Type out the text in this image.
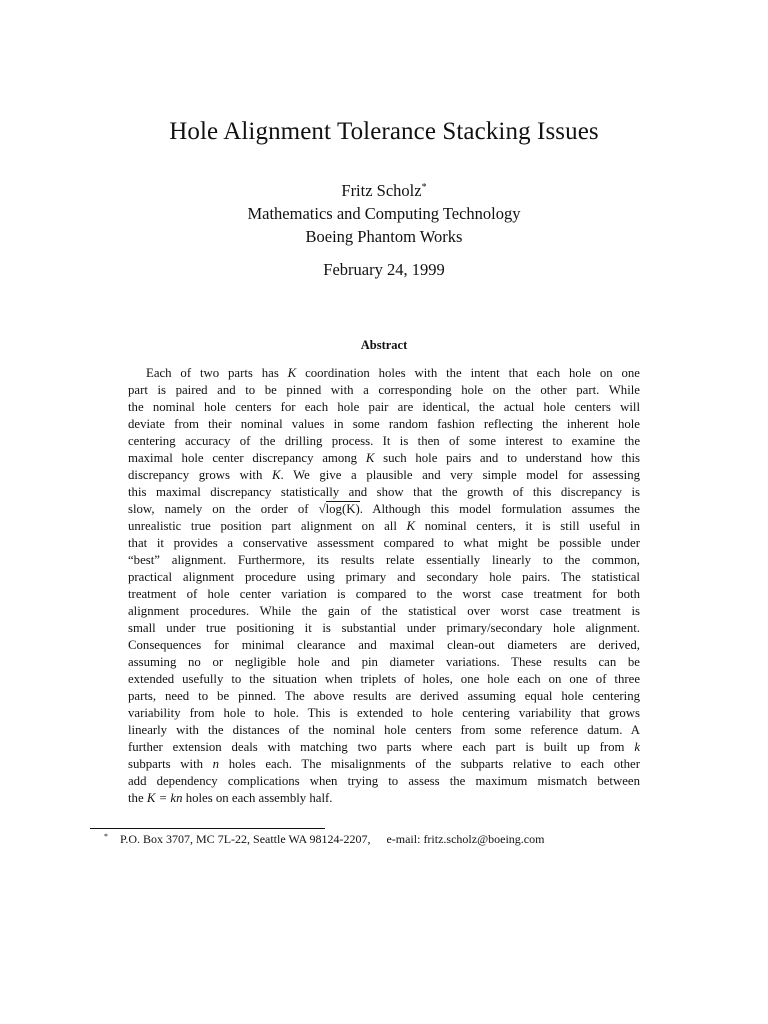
Hole Alignment Tolerance Stacking Issues
Fritz Scholz*
Mathematics and Computing Technology
Boeing Phantom Works
February 24, 1999
Abstract
Each of two parts has K coordination holes with the intent that each hole on one
part is paired and to be pinned with a corresponding hole on the other part. While
the nominal hole centers for each hole pair are identical, the actual hole centers will
deviate from their nominal values in some random fashion reflecting the inherent hole
centering accuracy of the drilling process. It is then of some interest to examine the
maximal hole center discrepancy among K such hole pairs and to understand how this
discrepancy grows with K. We give a plausible and very simple model for assessing
this maximal discrepancy statistically and show that the growth of this discrepancy is
slow, namely on the order of √log(K). Although this model formulation assumes the
unrealistic true position part alignment on all K nominal centers, it is still useful in
that it provides a conservative assessment compared to what might be possible under
“best” alignment. Furthermore, its results relate essentially linearly to the common,
practical alignment procedure using primary and secondary hole pairs. The statistical
treatment of hole center variation is compared to the worst case treatment for both
alignment procedures. While the gain of the statistical over worst case treatment is
small under true positioning it is substantial under primary/secondary hole alignment.
Consequences for minimal clearance and maximal clean-out diameters are derived,
assuming no or negligible hole and pin diameter variations. These results can be
extended usefully to the situation when triplets of holes, one hole each on one of three
parts, need to be pinned. The above results are derived assuming equal hole centering
variability from hole to hole. This is extended to hole centering variability that grows
linearly with the distances of the nominal hole centers from some reference datum. A
further extension deals with matching two parts where each part is built up from k
subparts with n holes each. The misalignments of the subparts relative to each other
add dependency complications when trying to assess the maximum mismatch between
the K = kn holes on each assembly half.
* P.O. Box 3707, MC 7L-22, Seattle WA 98124-2207, e-mail: fritz.scholz@boeing.com
